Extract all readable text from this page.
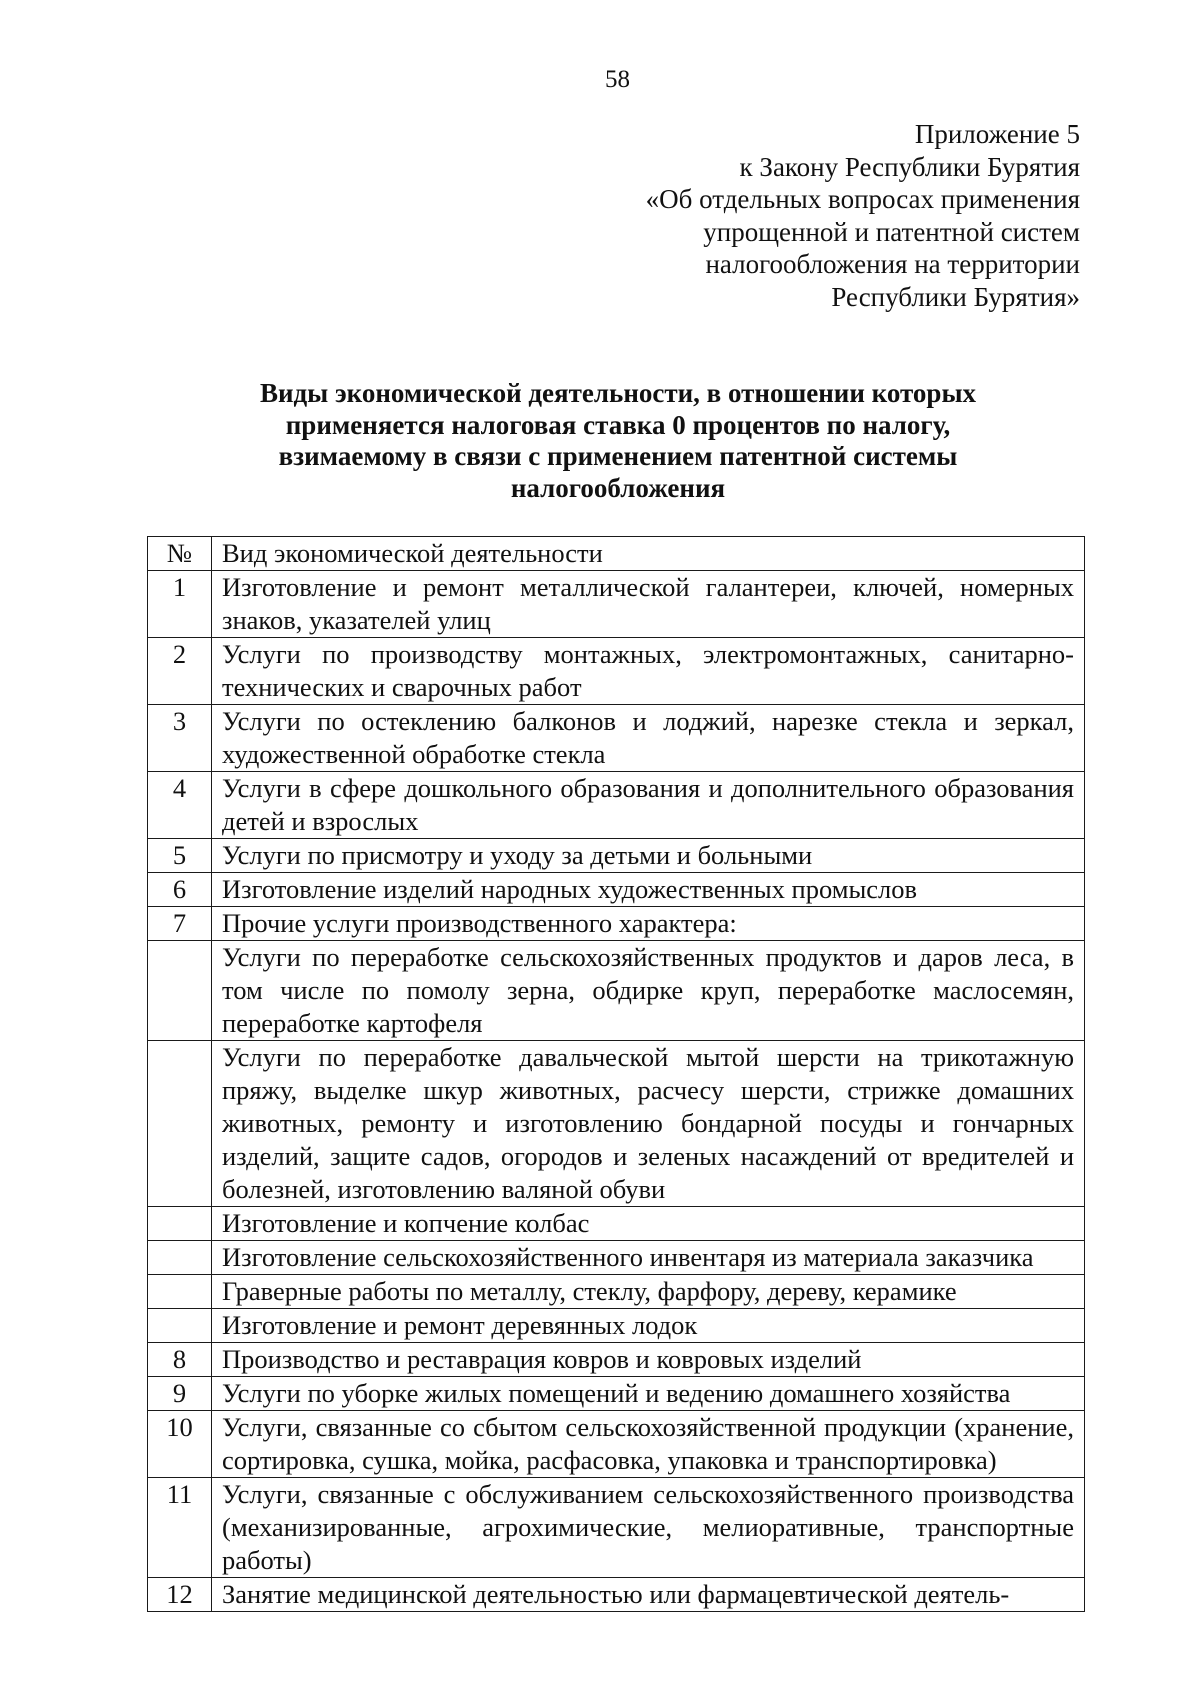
58
Приложение 5
к Закону Республики Бурятия
«Об отдельных вопросах применения
упрощенной и патентной систем
налогообложения на территории
Республики Бурятия»
Виды экономической деятельности, в отношении которых
применяется налоговая ставка 0 процентов по налогу,
взимаемому в связи с применением патентной системы
налогообложения
№	Вид экономической деятельности
1	Изготовление и ремонт металлической галантереи, ключей, номерных знаков, указателей улиц
2	Услуги по производству монтажных, электромонтажных, санитарно-технических и сварочных работ
3	Услуги по остеклению балконов и лоджий, нарезке стекла и зеркал, художественной обработке стекла
4	Услуги в сфере дошкольного образования и дополнительного образования детей и взрослых
5	Услуги по присмотру и уходу за детьми и больными
6	Изготовление изделий народных художественных промыслов
7	Прочие услуги производственного характера:
	Услуги по переработке сельскохозяйственных продуктов и даров леса, в том числе по помолу зерна, обдирке круп, переработке маслосемян, переработке картофеля
	Услуги по переработке давальческой мытой шерсти на трикотажную пряжу, выделке шкур животных, расчесу шерсти, стрижке домашних животных, ремонту и изготовлению бондарной посуды и гончарных изделий, защите садов, огородов и зеленых насаждений от вредителей и болезней, изготовлению валяной обуви
	Изготовление и копчение колбас
	Изготовление сельскохозяйственного инвентаря из материала заказчика
	Граверные работы по металлу, стеклу, фарфору, дереву, керамике
	Изготовление и ремонт деревянных лодок
8	Производство и реставрация ковров и ковровых изделий
9	Услуги по уборке жилых помещений и ведению домашнего хозяйства
10	Услуги, связанные со сбытом сельскохозяйственной продукции (хранение, сортировка, сушка, мойка, расфасовка, упаковка и транспортировка)
11	Услуги, связанные с обслуживанием сельскохозяйственного производства (механизированные, агрохимические, мелиоративные, транспортные работы)
12	Занятие медицинской деятельностью или фармацевтической деятель-
